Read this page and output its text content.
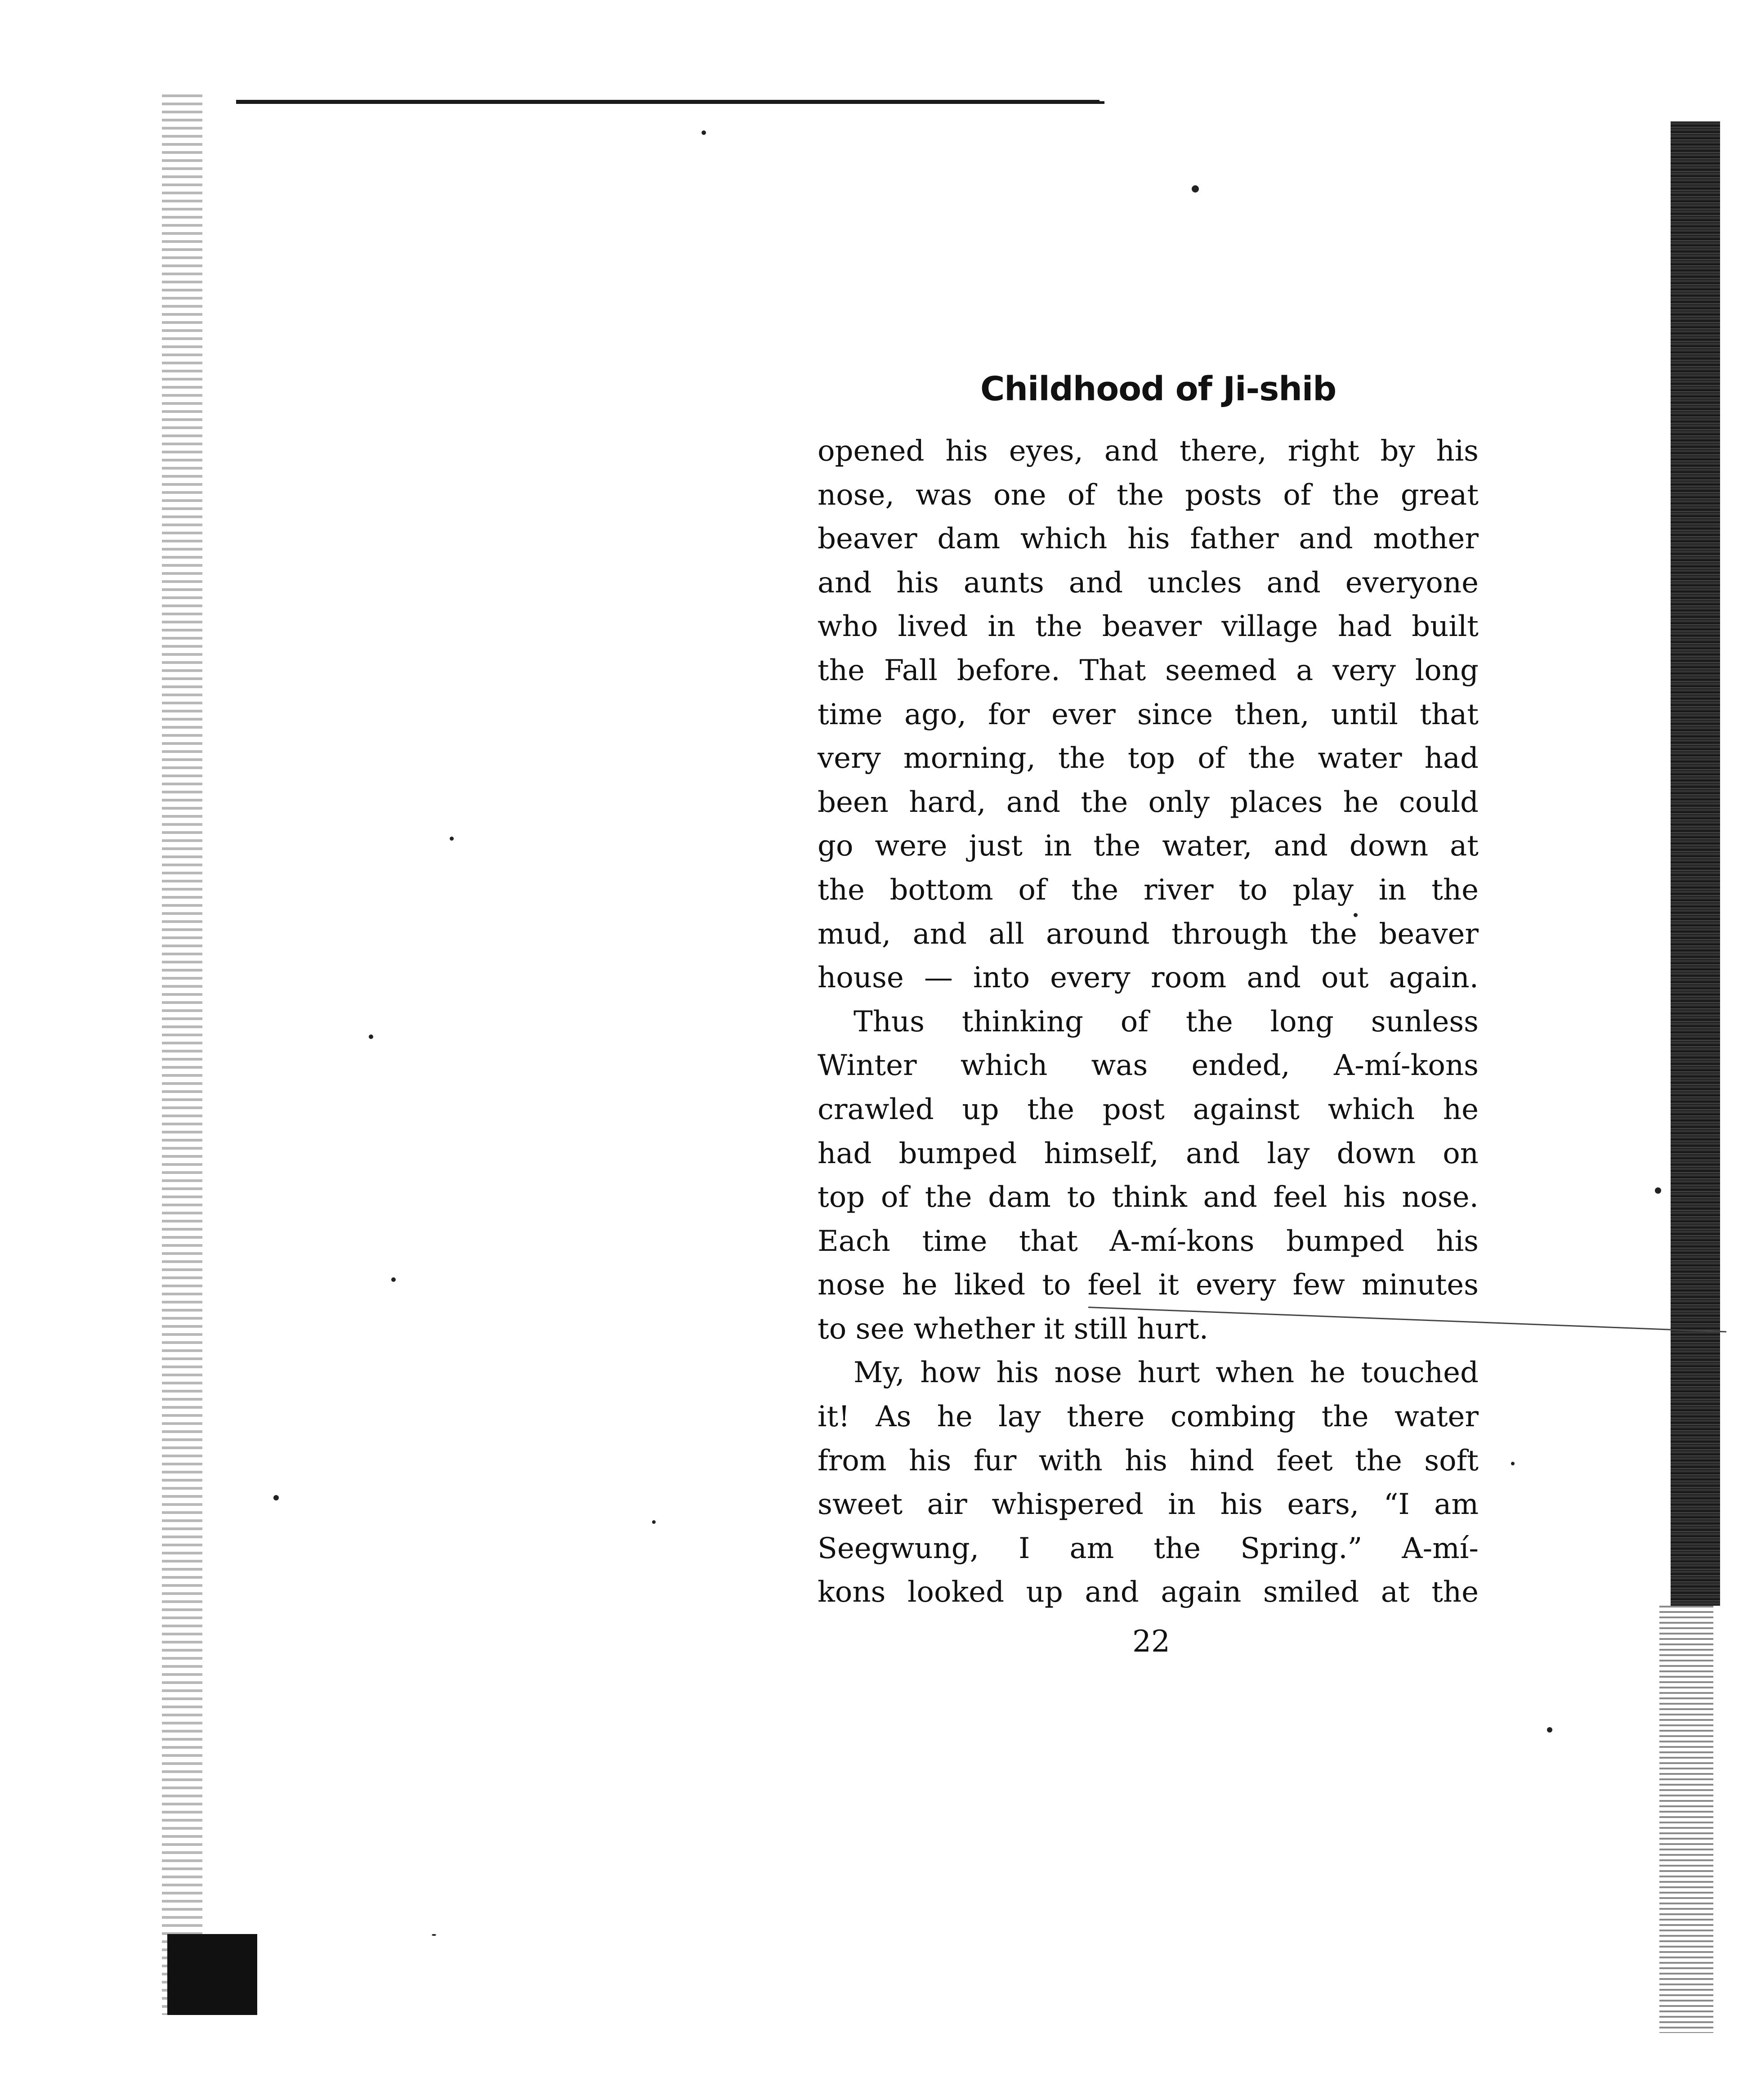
Childhood of Ji-shib
opened his eyes, and there, right by his
nose, was one of the posts of the great
beaver dam which his father and mother
and his aunts and uncles and everyone
who lived in the beaver village had built
the Fall before. That seemed a very long
time ago, for ever since then, until that
very morning, the top of the water had
been hard, and the only places he could
go were just in the water, and down at
the bottom of the river to play in the
mud, and all around through the beaver
house — into every room and out again.
Thus thinking of the long sunless
Winter which was ended, A-mí-kons
crawled up the post against which he
had bumped himself, and lay down on
top of the dam to think and feel his nose.
Each time that A-mí-kons bumped his
nose he liked to feel it every few minutes
to see whether it still hurt.
My, how his nose hurt when he touched
it! As he lay there combing the water
from his fur with his hind feet the soft
sweet air whispered in his ears, “I am
Seegwung, I am the Spring.” A-mí-
kons looked up and again smiled at the
22
